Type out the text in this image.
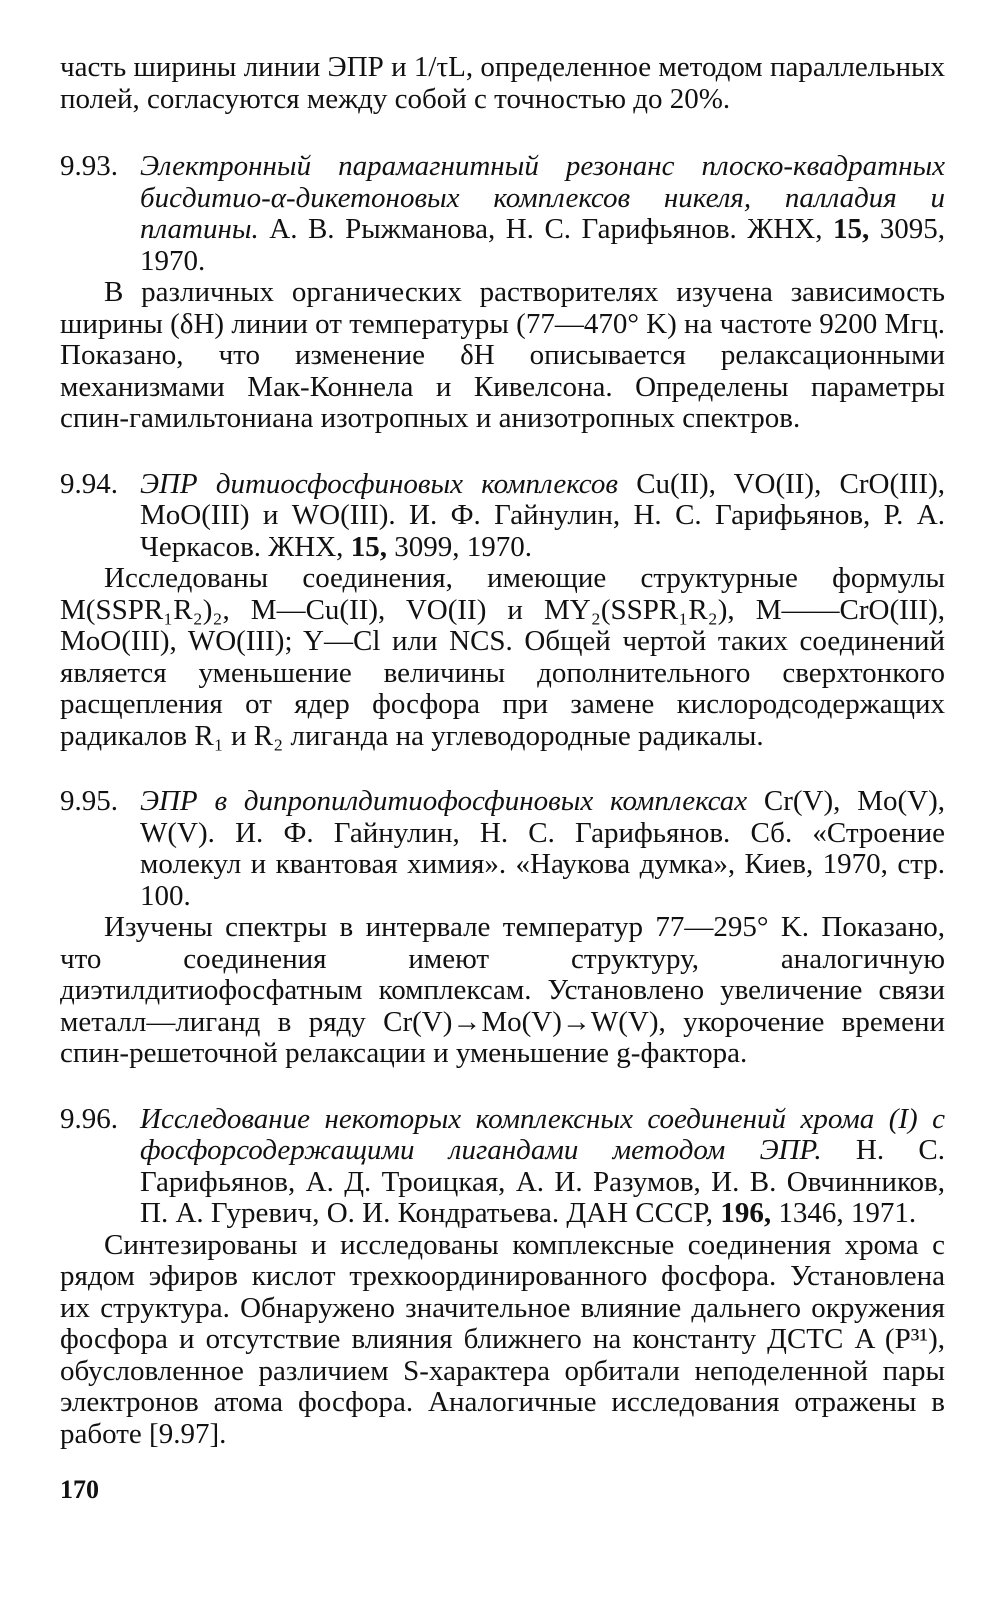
часть ширины линии ЭПР и 1/τL, определенное методом параллельных полей, согласуются между собой с точностью до 20%.

9.93. Электронный парамагнитный резонанс плоско-квадратных бисдитио-α-дикетоновых комплексов никеля, палладия и платины. А. В. Рыжманова, Н. С. Гарифьянов. ЖНХ, 15, 3095, 1970.

В различных органических растворителях изучена зависимость ширины (δH) линии от температуры (77—470° K) на частоте 9200 Мгц. Показано, что изменение δH описывается релаксационными механизмами Мак-Коннела и Кивелсона. Определены параметры спин-гамильтониана изотропных и анизотропных спектров.

9.94. ЭПР дитиосфосфиновых комплексов Cu(II), VO(II), CrO(III), MoO(III) и WO(III). И. Ф. Гайнулин, Н. С. Гарифьянов, Р. А. Черкасов. ЖНХ, 15, 3099, 1970.

Исследованы соединения, имеющие структурные формулы M(SSPR₁R₂)₂, M—Cu(II), VO(II) и MY₂(SSPR₁R₂), M——CrO(III), MoO(III), WO(III); Y—Cl или NCS. Общей чертой таких соединений является уменьшение величины дополнительного сверхтонкого расщепления от ядер фосфора при замене кислородсодержащих радикалов R₁ и R₂ лиганда на углеводородные радикалы.

9.95. ЭПР в дипропилдитиофосфиновых комплексах Cr(V), Mo(V), W(V). И. Ф. Гайнулин, Н. С. Гарифьянов. Сб. «Строение молекул и квантовая химия». «Наукова думка», Киев, 1970, стр. 100.

Изучены спектры в интервале температур 77—295° K. Показано, что соединения имеют структуру, аналогичную диэтилдитиофосфатным комплексам. Установлено увеличение связи металл—лиганд в ряду Cr(V)→Mo(V)→W(V), укорочение времени спин-решеточной релаксации и уменьшение g-фактора.

9.96. Исследование некоторых комплексных соединений хрома (I) с фосфорсодержащими лигандами методом ЭПР. Н. С. Гарифьянов, А. Д. Троицкая, А. И. Разумов, И. В. Овчинников, П. А. Гуревич, О. И. Кондратьева. ДАН СССР, 196, 1346, 1971.

Синтезированы и исследованы комплексные соединения хрома с рядом эфиров кислот трехкоординированного фосфора. Установлена их структура. Обнаружено значительное влияние дальнего окружения фосфора и отсутствие влияния ближнего на константу ДСТС A (P³¹), обусловленное различием S-характера орбитали неподеленной пары электронов атома фосфора. Аналогичные исследования отражены в работе [9.97].

170
